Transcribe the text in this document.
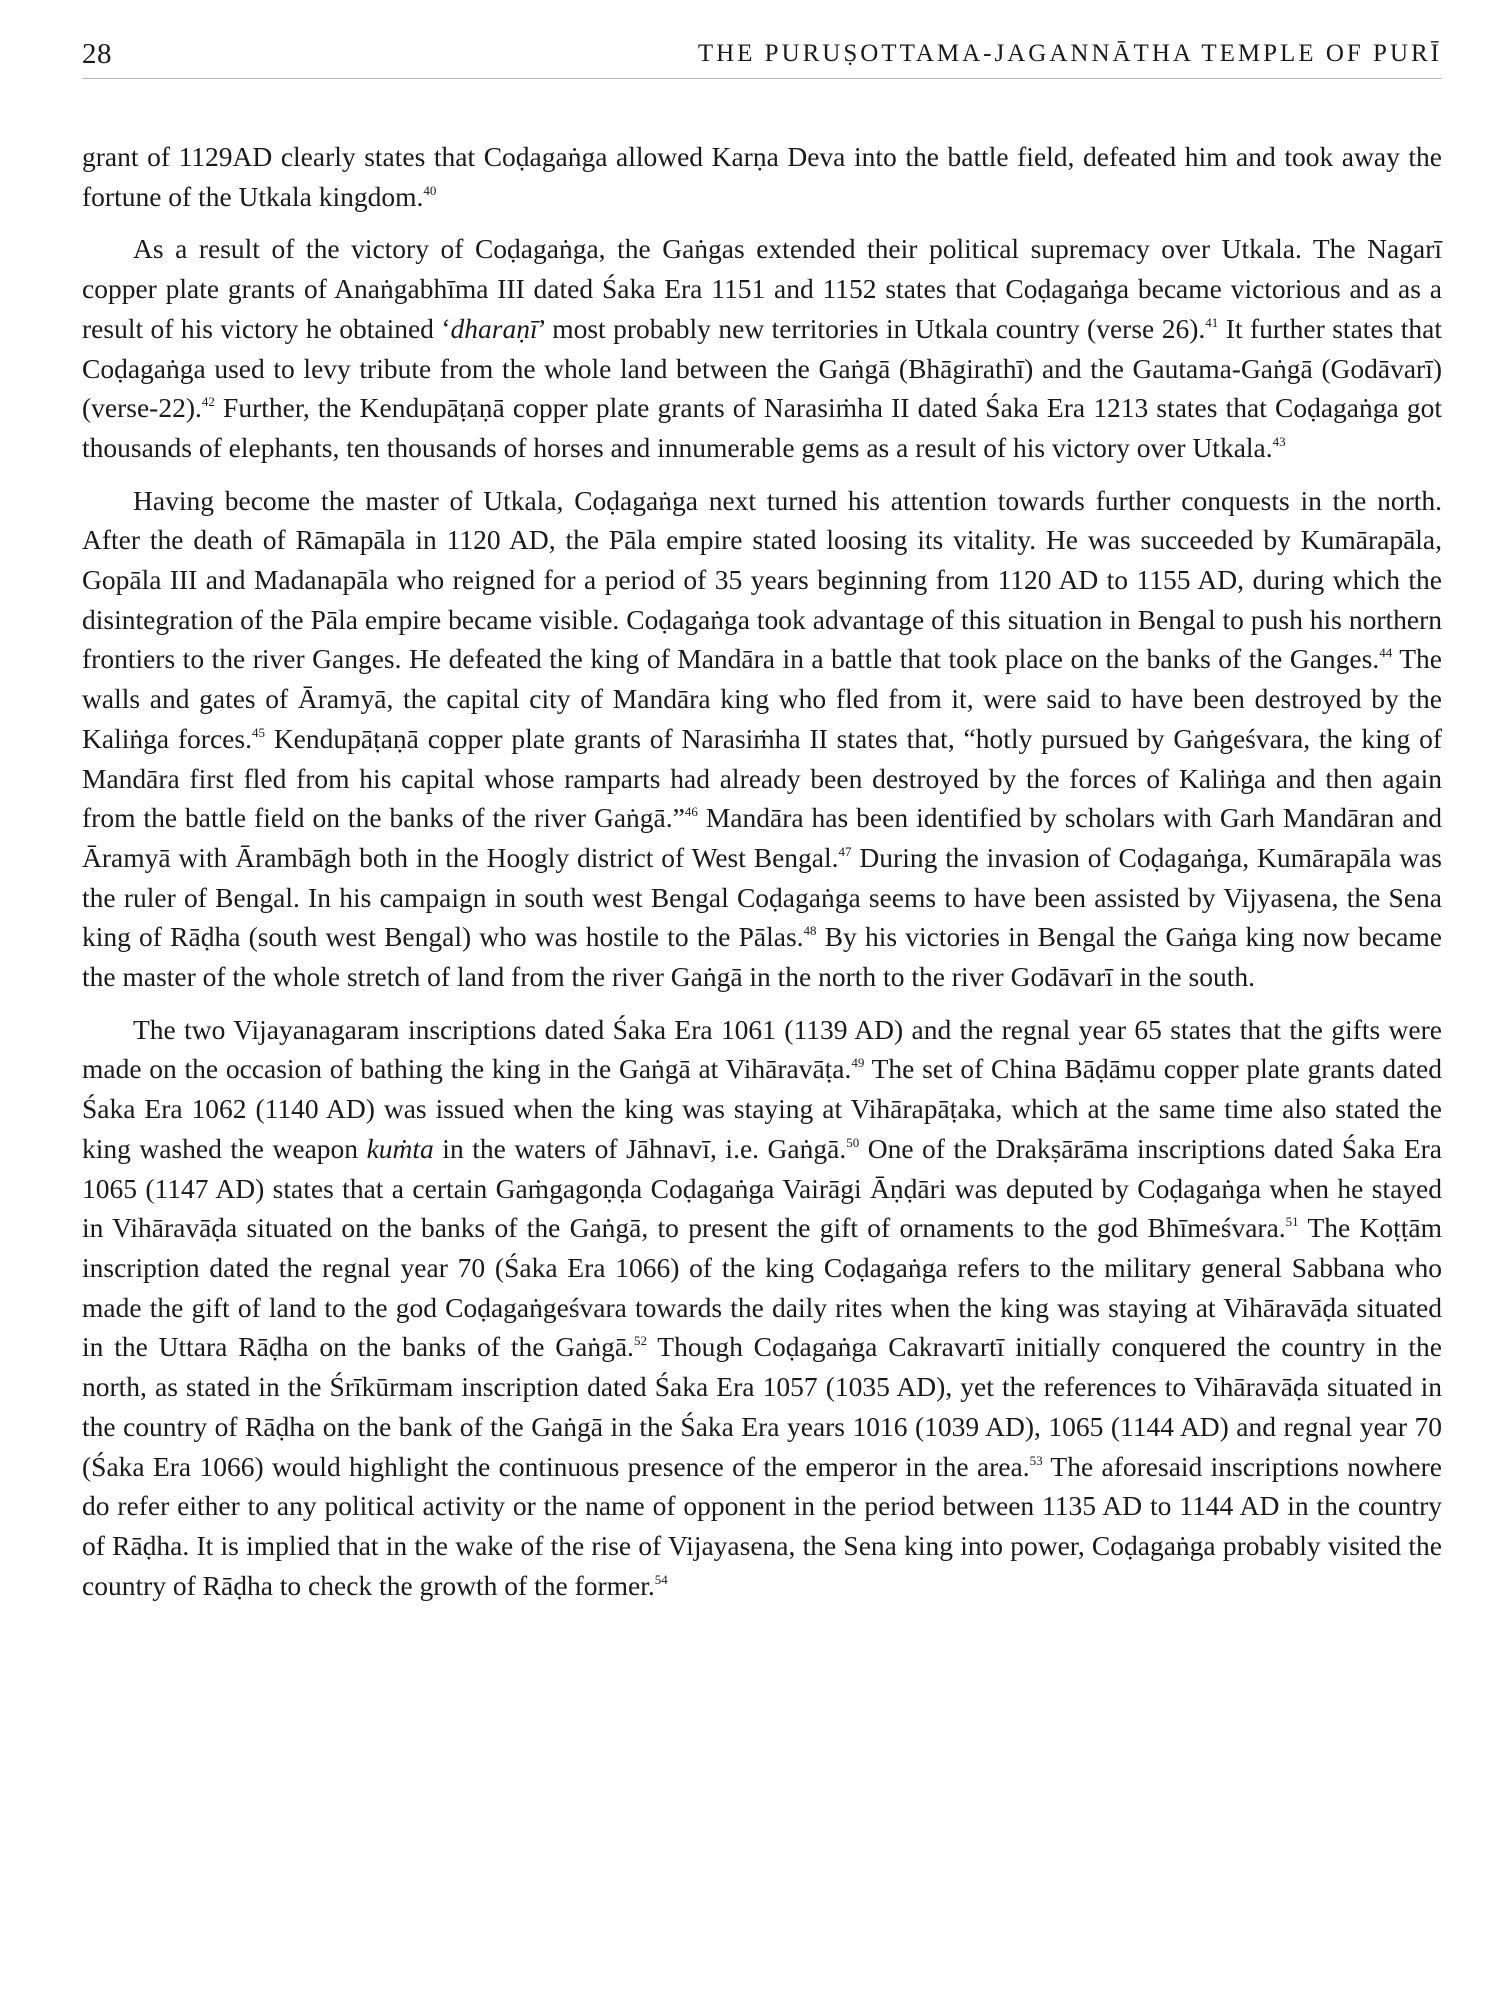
28	THE PURUṢOTTAMA-JAGANNĀTHA TEMPLE OF PURĪ

grant of 1129AD clearly states that Coḍagaṅga allowed Karṇa Deva into the battle field, defeated him and took away the fortune of the Utkala kingdom.$^{40}$

As a result of the victory of Coḍagaṅga, the Gaṅgas extended their political supremacy over Utkala. The Nagarī copper plate grants of Anaṅgabhīma III dated Śaka Era 1151 and 1152 states that Coḍagaṅga became victorious and as a result of his victory he obtained ‘dharaṇī’ most probably new territories in Utkala country (verse 26).$^{41}$ It further states that Coḍagaṅga used to levy tribute from the whole land between the Gaṅgā (Bhāgirathī) and the Gautama-Gaṅgā (Godāvarī) (verse-22).$^{42}$ Further, the Kendupāṭaṇā copper plate grants of Narasiṁha II dated Śaka Era 1213 states that Coḍagaṅga got thousands of elephants, ten thousands of horses and innumerable gems as a result of his victory over Utkala.$^{43}$

Having become the master of Utkala, Coḍagaṅga next turned his attention towards further conquests in the north. After the death of Rāmapāla in 1120 AD, the Pāla empire stated loosing its vitality. He was succeeded by Kumārapāla, Gopāla III and Madanapāla who reigned for a period of 35 years beginning from 1120 AD to 1155 AD, during which the disintegration of the Pāla empire became visible. Coḍagaṅga took advantage of this situation in Bengal to push his northern frontiers to the river Ganges. He defeated the king of Mandāra in a battle that took place on the banks of the Ganges.$^{44}$ The walls and gates of Āramyā, the capital city of Mandāra king who fled from it, were said to have been destroyed by the Kaliṅga forces.$^{45}$ Kendupāṭaṇā copper plate grants of Narasiṁha II states that, “hotly pursued by Gaṅgeśvara, the king of Mandāra first fled from his capital whose ramparts had already been destroyed by the forces of Kaliṅga and then again from the battle field on the banks of the river Gaṅgā.”$^{46}$ Mandāra has been identified by scholars with Garh Mandāran and Āramyā with Ārambāgh both in the Hoogly district of West Bengal.$^{47}$ During the invasion of Coḍagaṅga, Kumārapāla was the ruler of Bengal. In his campaign in south west Bengal Coḍagaṅga seems to have been assisted by Vijyasena, the Sena king of Rāḍha (south west Bengal) who was hostile to the Pālas.$^{48}$ By his victories in Bengal the Gaṅga king now became the master of the whole stretch of land from the river Gaṅgā in the north to the river Godāvarī in the south.

The two Vijayanagaram inscriptions dated Śaka Era 1061 (1139 AD) and the regnal year 65 states that the gifts were made on the occasion of bathing the king in the Gaṅgā at Vihāravāṭa.$^{49}$ The set of China Bāḍāmu copper plate grants dated Śaka Era 1062 (1140 AD) was issued when the king was staying at Vihārapāṭaka, which at the same time also stated the king washed the weapon kuṁta in the waters of Jāhnavī, i.e. Gaṅgā.$^{50}$ One of the Drakṣārāma inscriptions dated Śaka Era 1065 (1147 AD) states that a certain Gaṁgagoṇḍa Coḍagaṅga Vairāgi Āṇḍāri was deputed by Coḍagaṅga when he stayed in Vihāravāḍa situated on the banks of the Gaṅgā, to present the gift of ornaments to the god Bhīmeśvara.$^{51}$ The Koṭṭām inscription dated the regnal year 70 (Śaka Era 1066) of the king Coḍagaṅga refers to the military general Sabbana who made the gift of land to the god Coḍagaṅgeśvara towards the daily rites when the king was staying at Vihāravāḍa situated in the Uttara Rāḍha on the banks of the Gaṅgā.$^{52}$ Though Coḍagaṅga Cakravartī initially conquered the country in the north, as stated in the Śrīkūrmam inscription dated Śaka Era 1057 (1035 AD), yet the references to Vihāravāḍa situated in the country of Rāḍha on the bank of the Gaṅgā in the Śaka Era years 1016 (1039 AD), 1065 (1144 AD) and regnal year 70 (Śaka Era 1066) would highlight the continuous presence of the emperor in the area.$^{53}$ The aforesaid inscriptions nowhere do refer either to any political activity or the name of opponent in the period between 1135 AD to 1144 AD in the country of Rāḍha. It is implied that in the wake of the rise of Vijayasena, the Sena king into power, Coḍagaṅga probably visited the country of Rāḍha to check the growth of the former.$^{54}$
